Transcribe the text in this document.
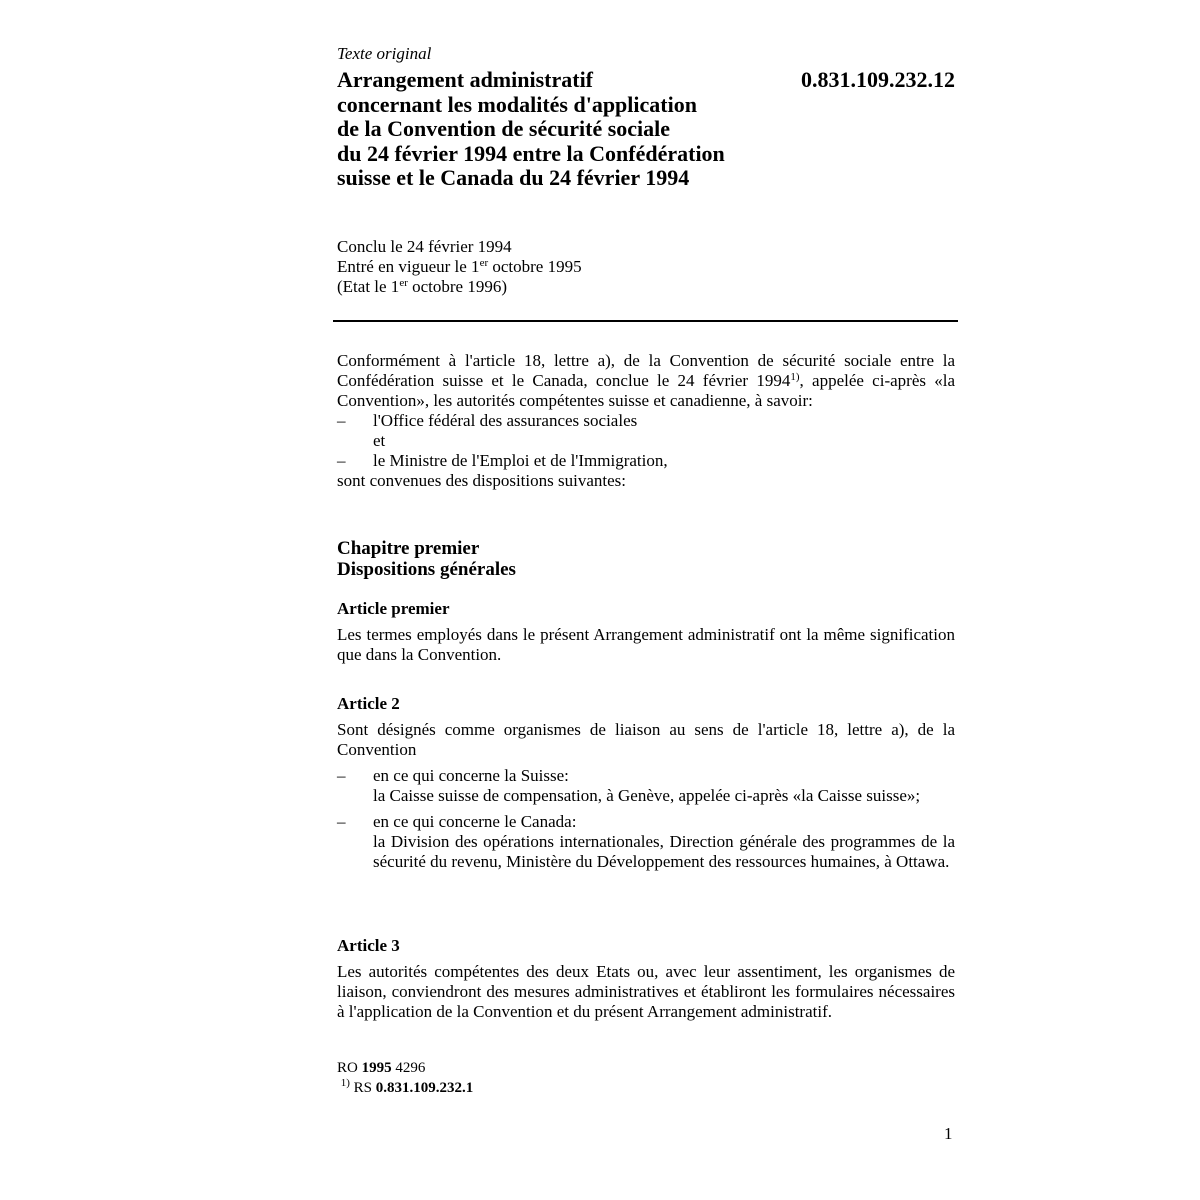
Texte original

Arrangement administratif
concernant les modalités d'application
de la Convention de sécurité sociale
du 24 février 1994 entre la Confédération
suisse et le Canada du 24 février 1994

0.831.109.232.12

Conclu le 24 février 1994
Entré en vigueur le 1er octobre 1995
(Etat le 1er octobre 1996)
Conformément à l'article 18, lettre a), de la Convention de sécurité sociale entre la Confédération suisse et le Canada, conclue le 24 février 1994$^{1)}$, appelée ci-après «la Convention», les autorités compétentes suisse et canadienne, à savoir:
–	l'Office fédéral des assurances sociales
et
–	le Ministre de l'Emploi et de l'Immigration,
sont convenues des dispositions suivantes:
Chapitre premier
Dispositions générales
Article premier
Les termes employés dans le présent Arrangement administratif ont la même signification que dans la Convention.
Article 2
Sont désignés comme organismes de liaison au sens de l'article 18, lettre a), de la Convention
–	en ce qui concerne la Suisse:
la Caisse suisse de compensation, à Genève, appelée ci-après «la Caisse suisse»;
–	en ce qui concerne le Canada:
la Division des opérations internationales, Direction générale des programmes de la sécurité du revenu, Ministère du Développement des ressources humaines, à Ottawa.
Article 3
Les autorités compétentes des deux Etats ou, avec leur assentiment, les organismes de liaison, conviendront des mesures administratives et établiront les formulaires nécessaires à l'application de la Convention et du présent Arrangement administratif.
RO 1995 4296
$^{1)}$ RS 0.831.109.232.1
1
